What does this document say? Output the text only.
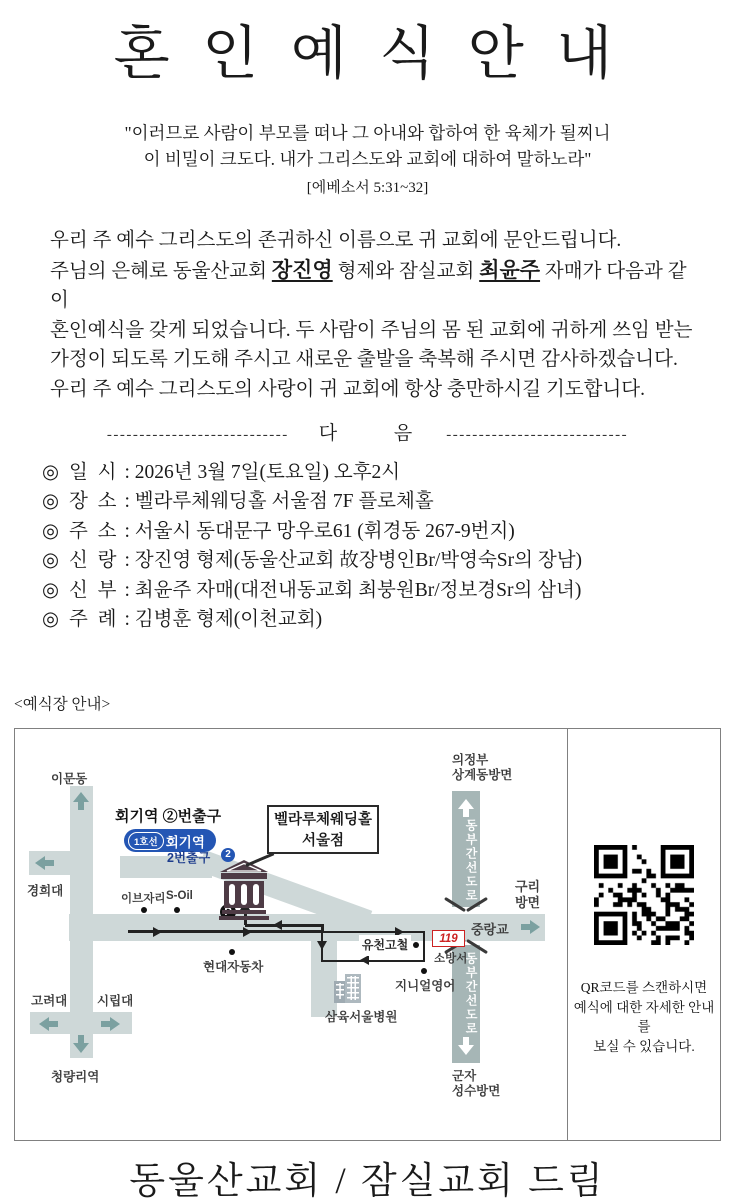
혼 인 예 식 안 내
"이러므로 사람이 부모를 떠나 그 아내와 합하여 한 육체가 될찌니
이 비밀이 크도다. 내가 그리스도와 교회에 대하여 말하노라"
[에베소서 5:31~32]
우리 주 예수 그리스도의 존귀하신 이름으로 귀 교회에 문안드립니다.
주님의 은혜로 동울산교회 장진영 형제와 잠실교회 최윤주 자매가 다음과 같이
혼인예식을 갖게 되었습니다. 두 사람이 주님의 몸 된 교회에 귀하게 쓰임 받는
가정이 되도록 기도해 주시고 새로운 출발을 축복해 주시면 감사하겠습니다.
우리 주 예수 그리스도의 사랑이 귀 교회에 항상 충만하시길 기도합니다.
---------------------------- 다 음 ----------------------------
◎ 일  시 : 2026년 3월 7일(토요일) 오후2시
◎ 장  소 : 벨라루체웨딩홀 서울점 7F 플로체홀
◎ 주  소 : 서울시 동대문구 망우로61 (휘경동 267-9번지)
◎ 신  랑 : 장진영 형제(동울산교회 故장병인Br/박영숙Sr의 장남)
◎ 신  부 : 최윤주 자매(대전내동교회 최붕원Br/정보경Sr의 삼녀)
◎ 주  례 : 김병훈 형제(이천교회)
<예식장 안내>
이문동
경희대
고려대 시립대
청량리역
회기역 ②번출구
1호선 회기역
2번출구	2
이브자리 S-Oil
벨라루체웨딩홀
서울점
의정부
상계동방면
동부간선도로
동부간선도로
구리
방면
중랑교
군자
성수방면
유천고철	119
소방서
지니얼영어
현대자동차
삼육서울병원
QR코드를 스캔하시면
예식에 대한 자세한 안내를
보실 수 있습니다.
동울산교회 / 잠실교회 드림
